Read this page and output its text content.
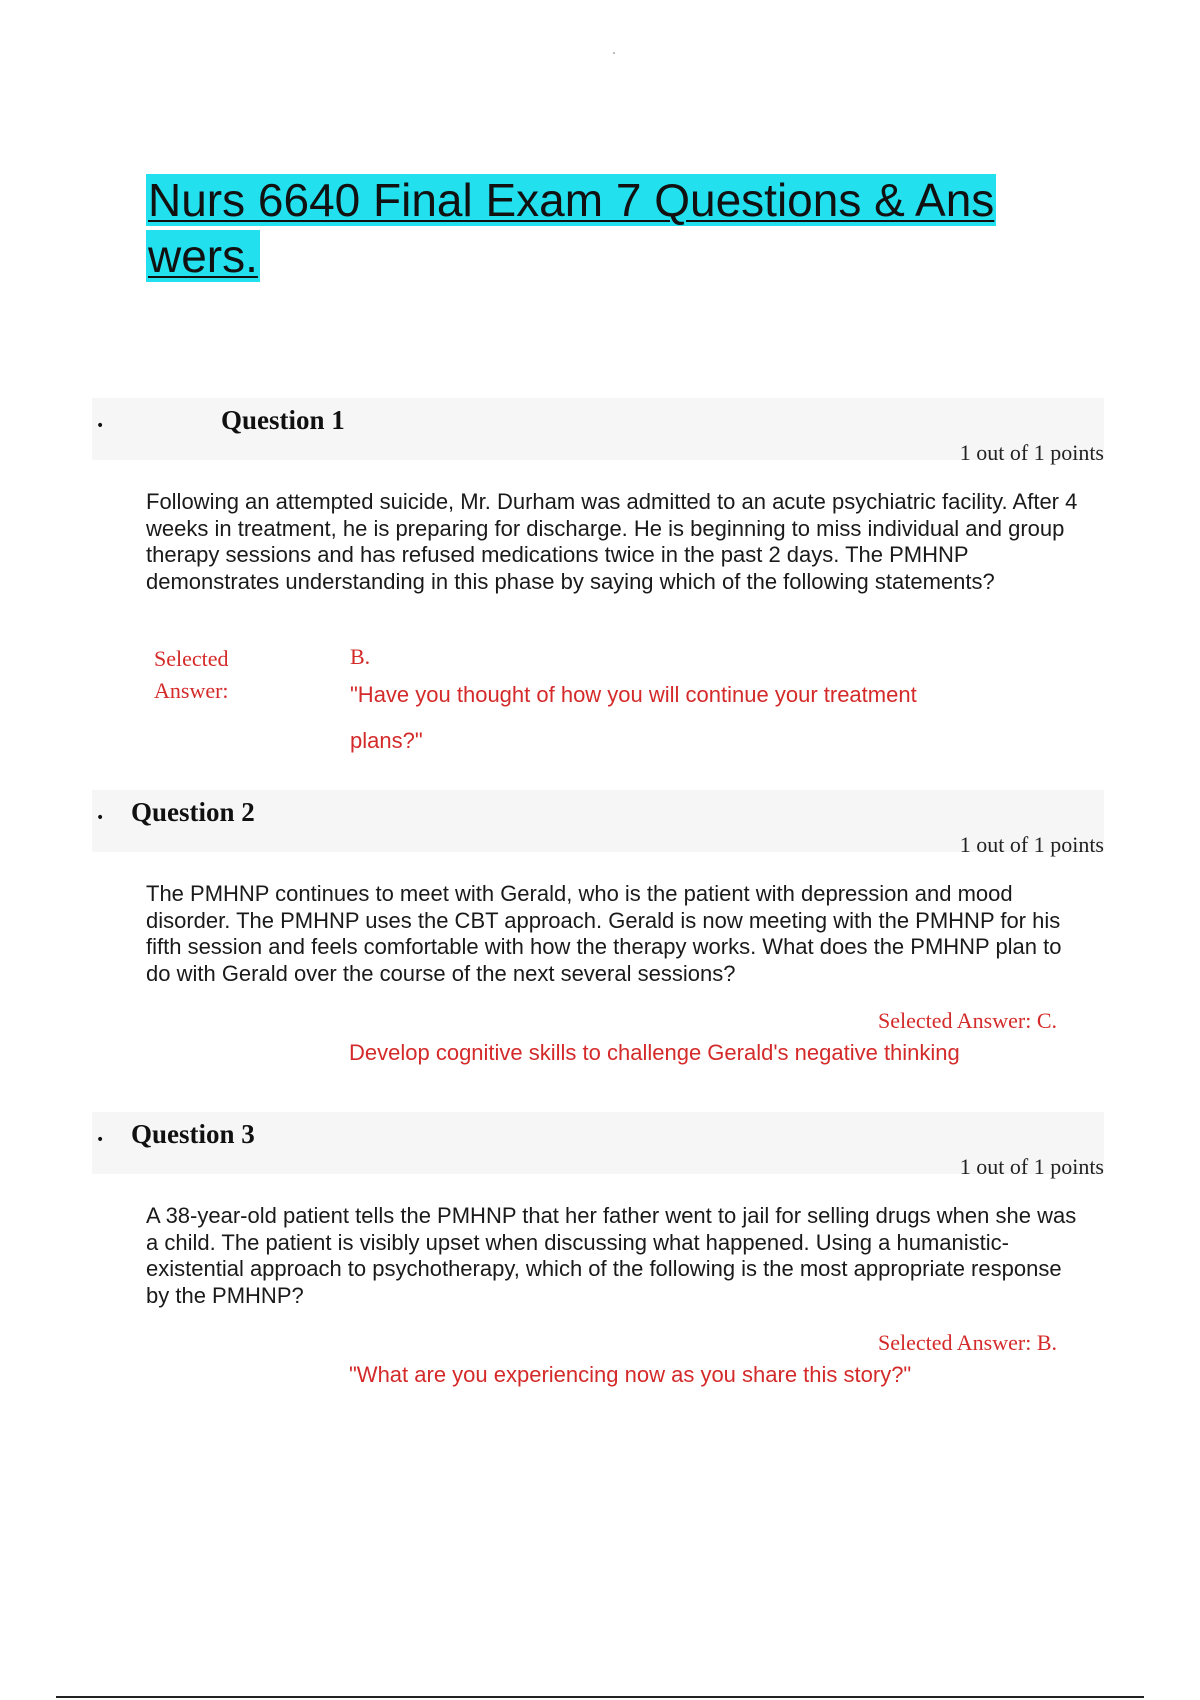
Nurs 6640 Final Exam 7 Questions & Ans wers.
•	Question 1
1 out of 1 points

Following an attempted suicide, Mr. Durham was admitted to an acute psychiatric facility. After 4 weeks in treatment, he is preparing for discharge. He is beginning to miss individual and group therapy sessions and has refused medications twice in the past 2 days. The PMHNP demonstrates understanding in this phase by saying which of the following statements?

Selected Answer:
B.
"Have you thought of how you will continue your treatment plans?"
• Question 2
1 out of 1 points

The PMHNP continues to meet with Gerald, who is the patient with depression and mood disorder. The PMHNP uses the CBT approach. Gerald is now meeting with the PMHNP for his fifth session and feels comfortable with how the therapy works. What does the PMHNP plan to do with Gerald over the course of the next several sessions?

Selected Answer: C.
Develop cognitive skills to challenge Gerald's negative thinking
• Question 3
1 out of 1 points

A 38-year-old patient tells the PMHNP that her father went to jail for selling drugs when she was a child. The patient is visibly upset when discussing what happened. Using a humanistic-existential approach to psychotherapy, which of the following is the most appropriate response by the PMHNP?

Selected Answer: B.
"What are you experiencing now as you share this story?"
